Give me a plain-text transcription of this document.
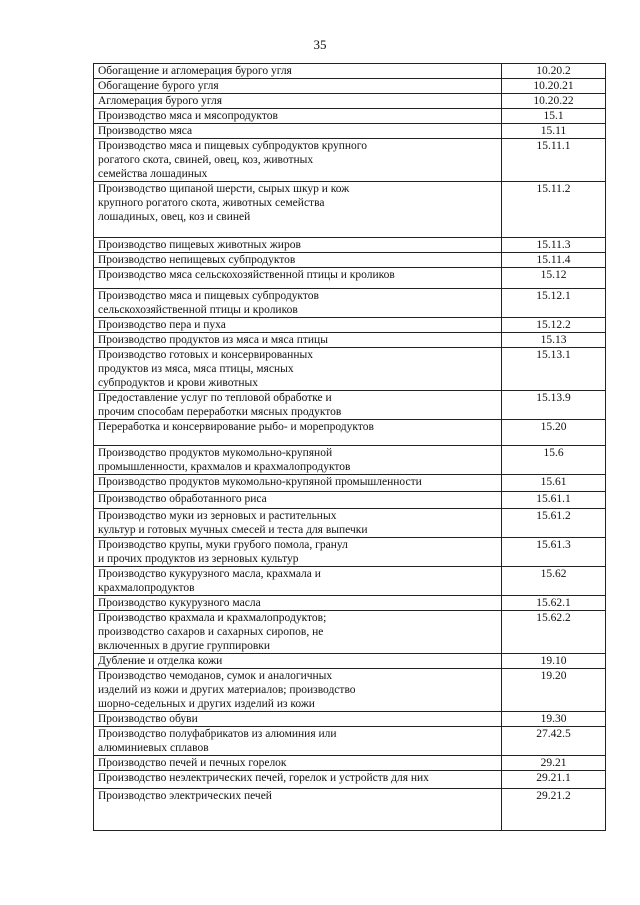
35
Обогащение и агломерация бурого угля	10.20.2
Обогащение бурого угля	10.20.21
Агломерация бурого угля	10.20.22
Производство мяса и мясопродуктов	15.1
Производство мяса	15.11
Производство мяса и пищевых субпродуктов крупного
рогатого скота, свиней, овец, коз, животных
семейства лошадиных	15.11.1
Производство щипаной шерсти, сырых шкур и кож
крупного рогатого скота, животных семейства
лошадиных, овец, коз и свиней	15.11.2
Производство пищевых животных жиров	15.11.3
Производство непищевых субпродуктов	15.11.4
Производство мяса сельскохозяйственной птицы и кроликов	15.12
Производство мяса и пищевых субпродуктов
сельскохозяйственной птицы и кроликов	15.12.1
Производство пера и пуха	15.12.2
Производство продуктов из мяса и мяса птицы	15.13
Производство готовых и консервированных
продуктов из мяса, мяса птицы, мясных
субпродуктов и крови животных	15.13.1
Предоставление услуг по тепловой обработке и
прочим способам переработки мясных продуктов	15.13.9
Переработка и консервирование рыбо- и морепродуктов	15.20
Производство продуктов мукомольно-крупяной
промышленности, крахмалов и крахмалопродуктов	15.6
Производство продуктов мукомольно-крупяной промышленности	15.61
Производство обработанного риса	15.61.1
Производство муки из зерновых и растительных
культур и готовых мучных смесей и теста для выпечки	15.61.2
Производство крупы, муки грубого помола, гранул
и прочих продуктов из зерновых культур	15.61.3
Производство кукурузного масла, крахмала и
крахмалопродуктов	15.62
Производство кукурузного масла	15.62.1
Производство крахмала и крахмалопродуктов;
производство сахаров и сахарных сиропов, не
включенных в другие группировки	15.62.2
Дубление и отделка кожи	19.10
Производство чемоданов, сумок и аналогичных
изделий из кожи и других материалов; производство
шорно-седельных и других изделий из кожи	19.20
Производство обуви	19.30
Производство полуфабрикатов из алюминия или
алюминиевых сплавов	27.42.5
Производство печей и печных горелок	29.21
Производство неэлектрических печей, горелок и устройств для них	29.21.1
Производство электрических печей	29.21.2
